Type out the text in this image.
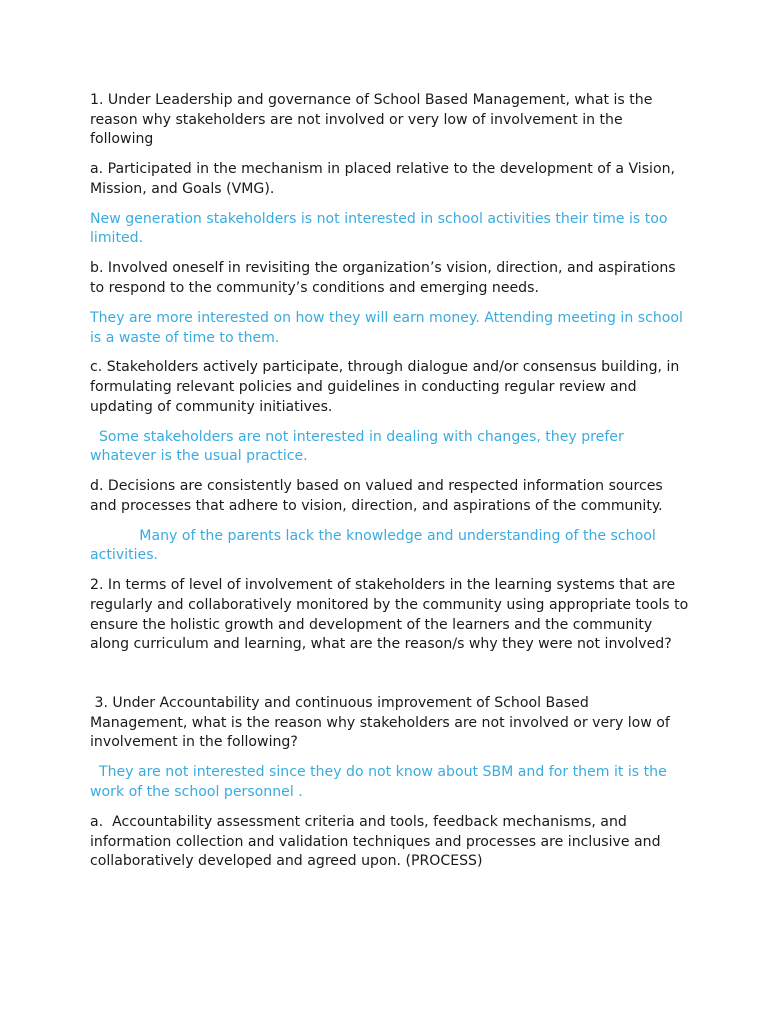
1. Under Leadership and governance of School Based Management, what is the reason why stakeholders are not involved or very low of involvement in the following

a. Participated in the mechanism in placed relative to the development of a Vision, Mission, and Goals (VMG).

New generation stakeholders is not interested in school activities their time is too limited.

b. Involved oneself in revisiting the organization’s vision, direction, and aspirations to respond to the community’s conditions and emerging needs.

They are more interested on how they will earn money. Attending meeting in school is a waste of time to them.

c. Stakeholders actively participate, through dialogue and/or consensus building, in formulating relevant policies and guidelines in conducting regular review and updating of community initiatives.

Some stakeholders are not interested in dealing with changes, they prefer whatever is the usual practice.

d. Decisions are consistently based on valued and respected information sources and processes that adhere to vision, direction, and aspirations of the community.

Many of the parents lack the knowledge and understanding of the school activities.

2. In terms of level of involvement of stakeholders in the learning systems that are regularly and collaboratively monitored by the community using appropriate tools to ensure the holistic growth and development of the learners and the community along curriculum and learning, what are the reason/s why they were not involved?

3. Under Accountability and continuous improvement of School Based Management, what is the reason why stakeholders are not involved or very low of involvement in the following?

They are not interested since they do not know about SBM and for them it is the work of the school personnel .

a.  Accountability assessment criteria and tools, feedback mechanisms, and information collection and validation techniques and processes are inclusive and collaboratively developed and agreed upon. (PROCESS)
